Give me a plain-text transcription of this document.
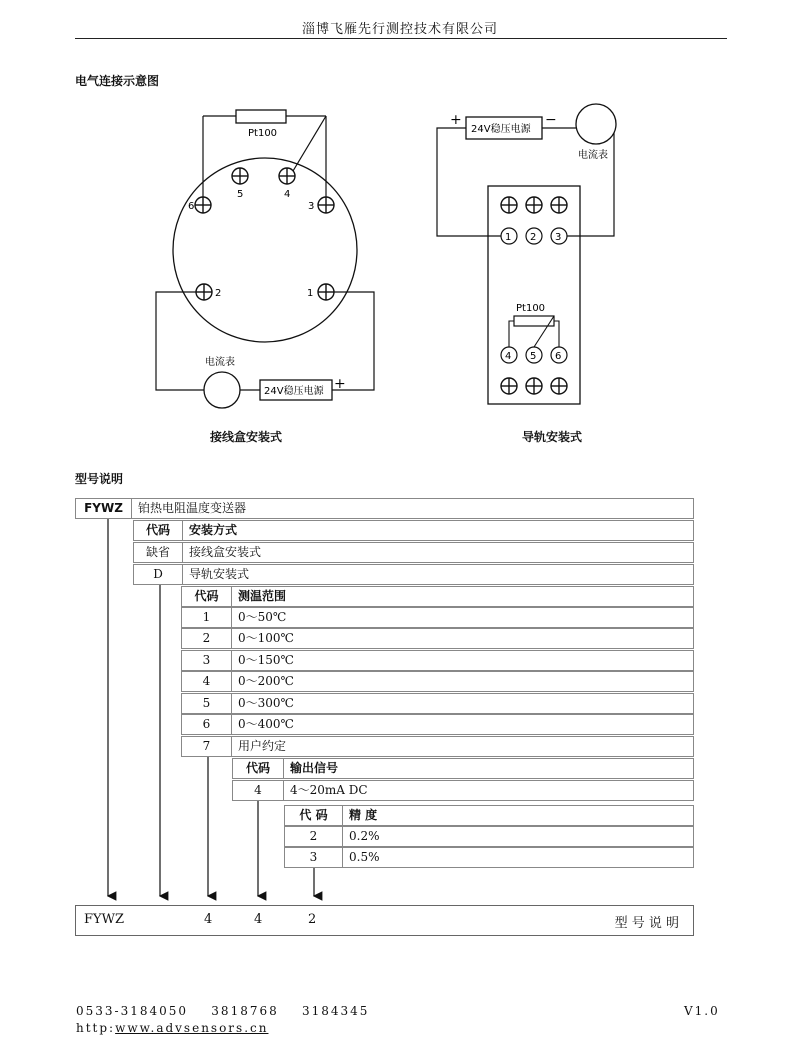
淄博飞雁先行测控技术有限公司
电气连接示意图
Pt100
6
5	4
3
2	1
电流表
24V稳压电源 +
1 2 3
+
24V稳压电源
−
电流表
Pt100
4 5 6
接线盒安装式	导轨安装式
型号说明
FYWZ	铂热电阻温度变送器
代码	安装方式
缺省	接线盒安装式
D	导轨安装式
代码	测温范围
1	0～50℃
2	0～100℃
3	0～150℃
4	0～200℃
5	0～300℃
6	0～400℃
7	用户约定
代码	输出信号
4	4～20mA DC
代 码	精 度
2	0.2%
3	0.5%
FYWZ	4	4	2	型 号 说 明
0533-3184050    3818768    3184345
http:www.advsensors.cn
V1.0
